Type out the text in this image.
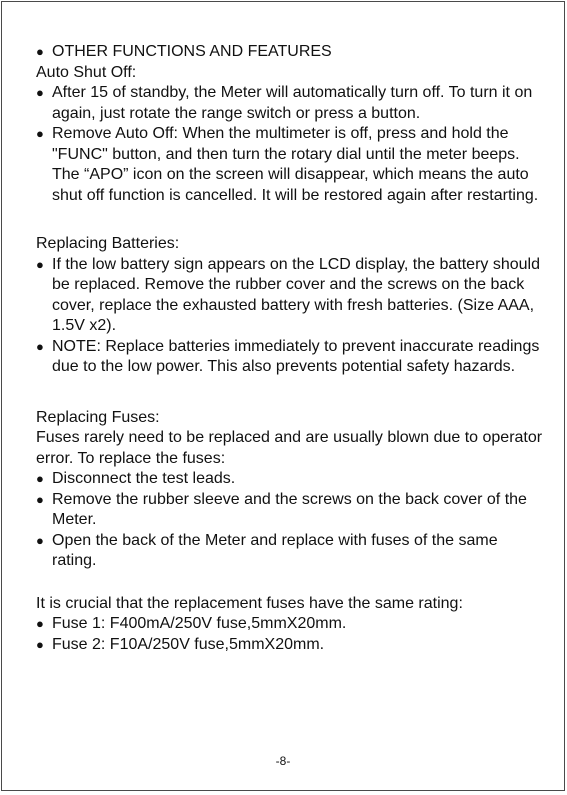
● OTHER FUNCTIONS AND FEATURES

Auto Shut Off:

● After 15 of standby, the Meter will automatically turn off. To turn it on again, just rotate the range switch or press a button.
● Remove Auto Off: When the multimeter is off, press and hold the "FUNC" button, and then turn the rotary dial until the meter beeps. The “APO” icon on the screen will disappear, which means the auto shut off function is cancelled. It will be restored again after restarting.

Replacing Batteries:

● If the low battery sign appears on the LCD display, the battery should be replaced. Remove the rubber cover and the screws on the back cover, replace the exhausted battery with fresh batteries. (Size AAA, 1.5V x2).
● NOTE: Replace batteries immediately to prevent inaccurate readings due to the low power. This also prevents potential safety hazards.

Replacing Fuses:

Fuses rarely need to be replaced and are usually blown due to operator error. To replace the fuses:

● Disconnect the test leads.
● Remove the rubber sleeve and the screws on the back cover of the Meter.
● Open the back of the Meter and replace with fuses of the same rating.

It is crucial that the replacement fuses have the same rating:

● Fuse 1: F400mA/250V fuse,5mmX20mm.
● Fuse 2: F10A/250V fuse,5mmX20mm.
-8-
